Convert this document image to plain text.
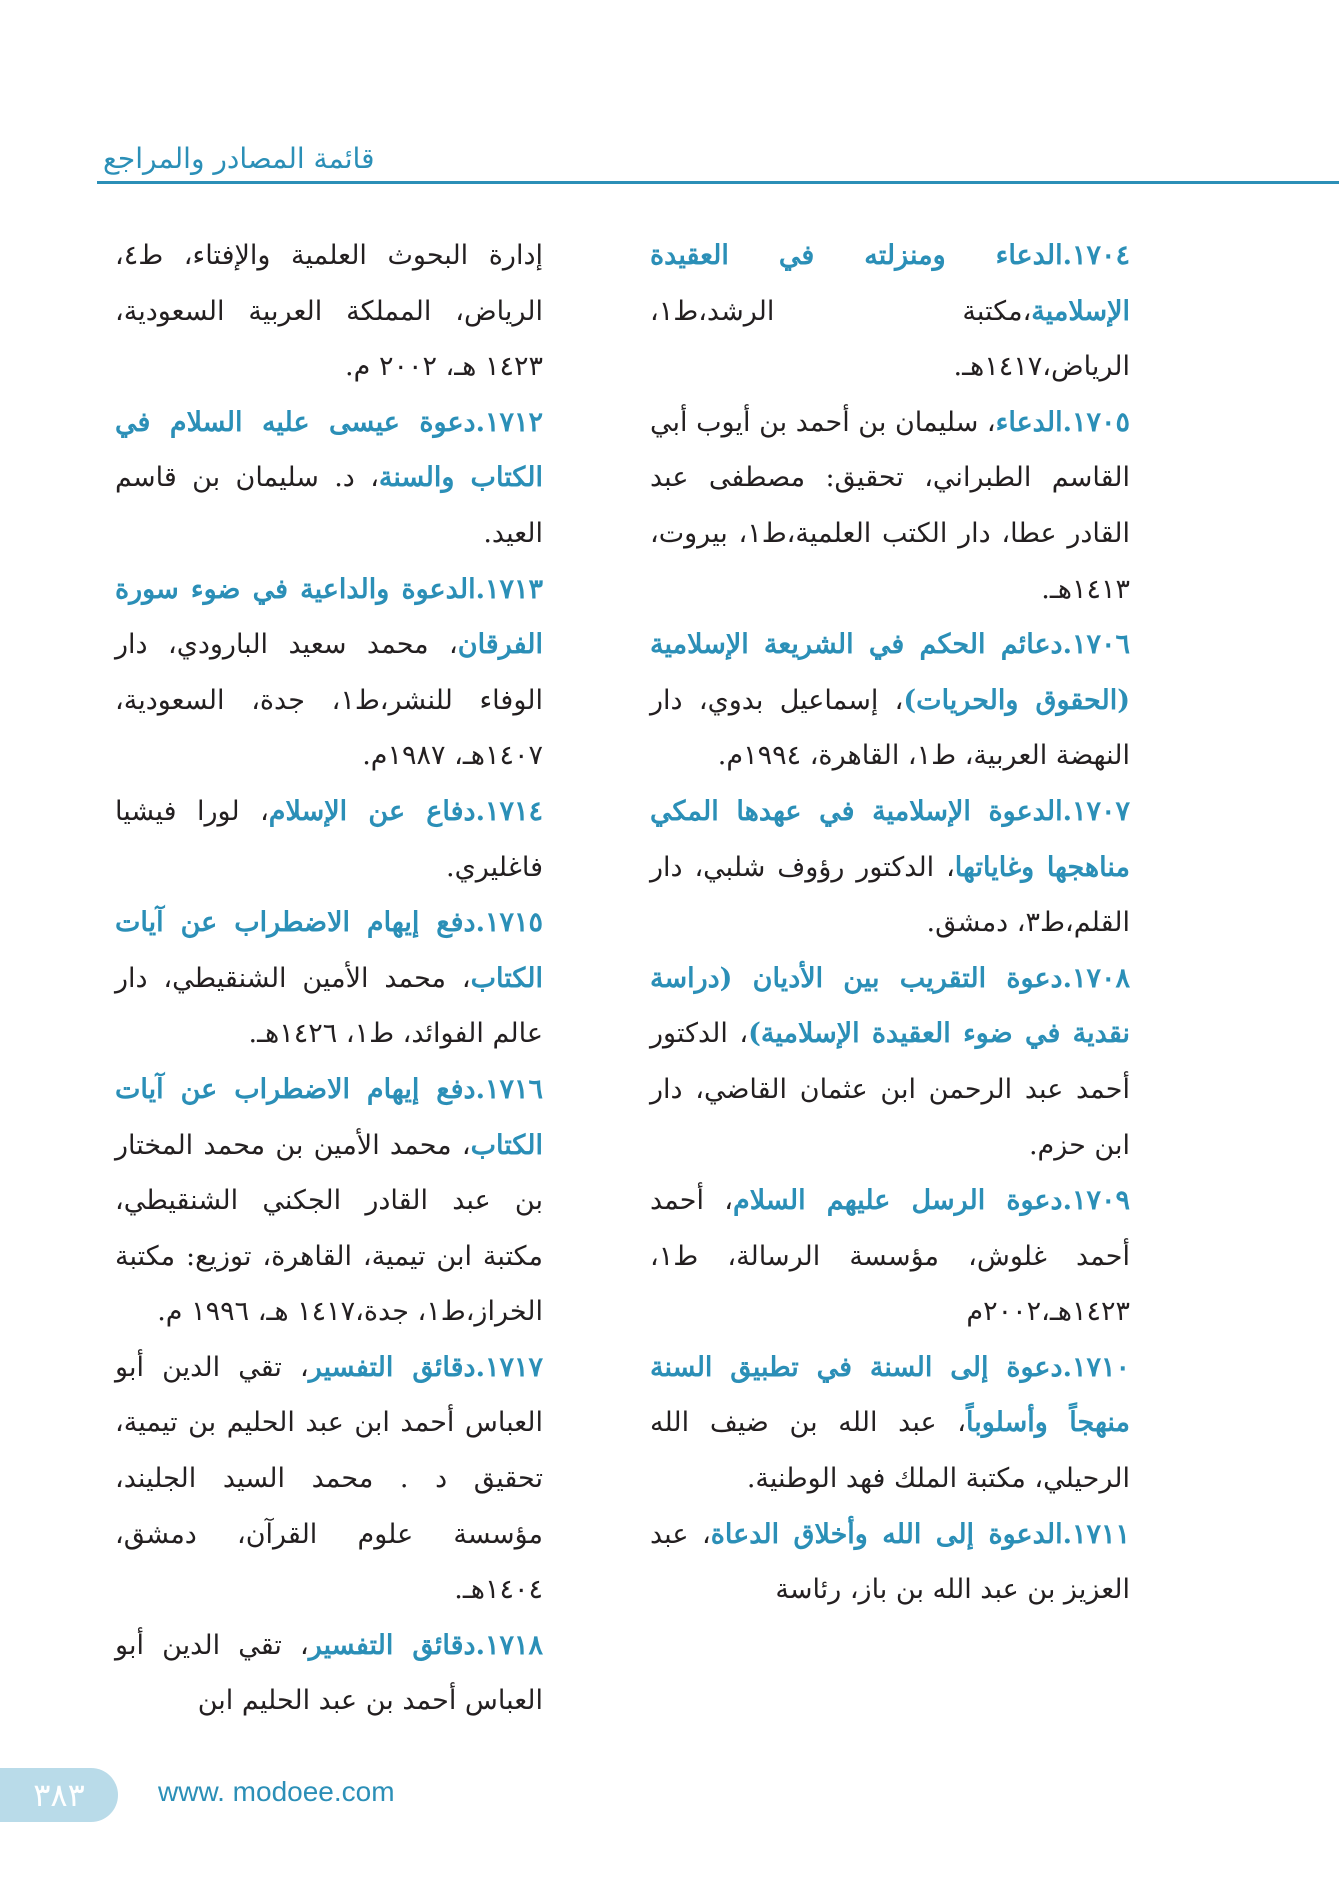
قائمة المصادر والمراجع

١٧٠٤.الدعاء ومنزلته في العقيدة الإسلامية،مكتبة الرشد،ط١، الرياض،١٤١٧هـ.

١٧٠٥.الدعاء، سليمان بن أحمد بن أيوب أبي القاسم الطبراني، تحقيق: مصطفى عبد القادر عطا، دار الكتب العلمية،ط١، بيروت، ١٤١٣هـ.

١٧٠٦.دعائم الحكم في الشريعة الإسلامية (الحقوق والحريات)، إسماعيل بدوي، دار النهضة العربية، ط١، القاهرة، ١٩٩٤م.

١٧٠٧.الدعوة الإسلامية في عهدها المكي مناهجها وغاياتها، الدكتور رؤوف شلبي، دار القلم،ط٣، دمشق.

١٧٠٨.دعوة التقريب بين الأديان (دراسة نقدية في ضوء العقيدة الإسلامية)، الدكتور أحمد عبد الرحمن ابن عثمان القاضي، دار ابن حزم.

١٧٠٩.دعوة الرسل عليهم السلام، أحمد أحمد غلوش، مؤسسة الرسالة، ط١، ١٤٢٣هـ،٢٠٠٢م

١٧١٠.دعوة إلى السنة في تطبيق السنة منهجاً وأسلوباً، عبد الله بن ضيف الله الرحيلي، مكتبة الملك فهد الوطنية.

١٧١١.الدعوة إلى الله وأخلاق الدعاة، عبد العزيز بن عبد الله بن باز، رئاسة

إدارة البحوث العلمية والإفتاء، ط٤، الرياض، المملكة العربية السعودية، ١٤٢٣ هـ، ٢٠٠٢ م.

١٧١٢.دعوة عيسى عليه السلام في الكتاب والسنة، د. سليمان بن قاسم العيد.

١٧١٣.الدعوة والداعية في ضوء سورة الفرقان، محمد سعيد البارودي، دار الوفاء للنشر،ط١، جدة، السعودية، ١٤٠٧هـ، ١٩٨٧م.

١٧١٤.دفاع عن الإسلام، لورا فيشيا فاغليري.

١٧١٥.دفع إيهام الاضطراب عن آيات الكتاب، محمد الأمين الشنقيطي، دار عالم الفوائد، ط١، ١٤٢٦هـ.

١٧١٦.دفع إيهام الاضطراب عن آيات الكتاب، محمد الأمين بن محمد المختار بن عبد القادر الجكني الشنقيطي، مكتبة ابن تيمية، القاهرة، توزيع: مكتبة الخراز،ط١، جدة،١٤١٧ هـ، ١٩٩٦ م.

١٧١٧.دقائق التفسير، تقي الدين أبو العباس أحمد ابن عبد الحليم بن تيمية، تحقيق د . محمد السيد الجليند، مؤسسة علوم القرآن، دمشق، ١٤٠٤هـ.

١٧١٨.دقائق التفسير، تقي الدين أبو العباس أحمد بن عبد الحليم ابن

٣٨٣	www. modoee.com
